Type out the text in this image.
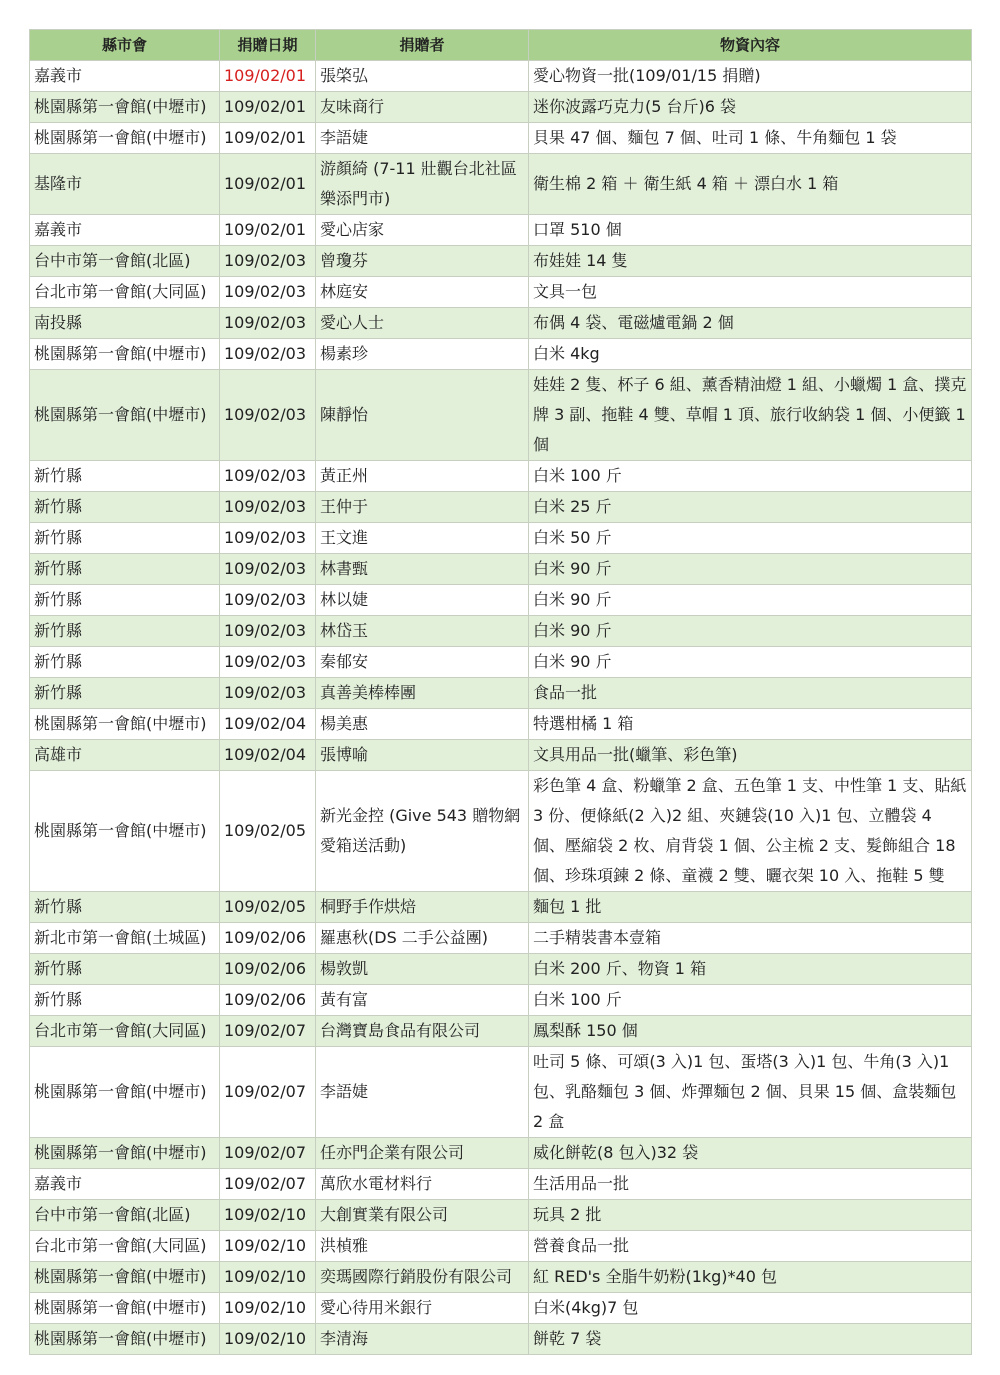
縣市會	捐贈日期	捐贈者	物資內容
嘉義市	109/02/01	張棨弘	愛心物資一批(109/01/15 捐贈)
桃園縣第一會館(中壢市)	109/02/01	友味商行	迷你波露巧克力(5 台斤)6 袋
桃園縣第一會館(中壢市)	109/02/01	李語婕	貝果 47 個、麵包 7 個、吐司 1 條、牛角麵包 1 袋
基隆市	109/02/01	游顏綺 (7-11 壯觀台北社區 樂添門市)	衛生棉 2 箱 ＋ 衛生紙 4 箱 ＋ 漂白水 1 箱
嘉義市	109/02/01	愛心店家	口罩 510 個
台中市第一會館(北區)	109/02/03	曾瓊芬	布娃娃 14 隻
台北市第一會館(大同區)	109/02/03	林庭安	文具一包
南投縣	109/02/03	愛心人士	布偶 4 袋、電磁爐電鍋 2 個
桃園縣第一會館(中壢市)	109/02/03	楊素珍	白米 4kg
桃園縣第一會館(中壢市)	109/02/03	陳靜怡	娃娃 2 隻、杯子 6 組、薰香精油燈 1 組、小蠟燭 1 盒、撲克牌 3 副、拖鞋 4 雙、草帽 1 頂、旅行收納袋 1 個、小便籤 1 個
新竹縣	109/02/03	黃正州	白米 100 斤
新竹縣	109/02/03	王仲于	白米 25 斤
新竹縣	109/02/03	王文進	白米 50 斤
新竹縣	109/02/03	林書甄	白米 90 斤
新竹縣	109/02/03	林以婕	白米 90 斤
新竹縣	109/02/03	林岱玉	白米 90 斤
新竹縣	109/02/03	秦郁安	白米 90 斤
新竹縣	109/02/03	真善美棒棒團	食品一批
桃園縣第一會館(中壢市)	109/02/04	楊美惠	特選柑橘 1 箱
高雄市	109/02/04	張博喻	文具用品一批(蠟筆、彩色筆)
桃園縣第一會館(中壢市)	109/02/05	新光金控 (Give 543 贈物網愛箱送活動)	彩色筆 4 盒、粉蠟筆 2 盒、五色筆 1 支、中性筆 1 支、貼紙 3 份、便條紙(2 入)2 組、夾鏈袋(10 入)1 包、立體袋 4 個、壓縮袋 2 枚、肩背袋 1 個、公主梳 2 支、髮飾組合 18 個、珍珠項鍊 2 條、童襪 2 雙、曬衣架 10 入、拖鞋 5 雙
新竹縣	109/02/05	桐野手作烘焙	麵包 1 批
新北市第一會館(土城區)	109/02/06	羅惠秋(DS 二手公益團)	二手精裝書本壹箱
新竹縣	109/02/06	楊敦凱	白米 200 斤、物資 1 箱
新竹縣	109/02/06	黃有富	白米 100 斤
台北市第一會館(大同區)	109/02/07	台灣寶島食品有限公司	鳳梨酥 150 個
桃園縣第一會館(中壢市)	109/02/07	李語婕	吐司 5 條、可頌(3 入)1 包、蛋塔(3 入)1 包、牛角(3 入)1 包、乳酪麵包 3 個、炸彈麵包 2 個、貝果 15 個、盒裝麵包 2 盒
桃園縣第一會館(中壢市)	109/02/07	任亦門企業有限公司	威化餅乾(8 包入)32 袋
嘉義市	109/02/07	萬欣水電材料行	生活用品一批
台中市第一會館(北區)	109/02/10	大創實業有限公司	玩具 2 批
台北市第一會館(大同區)	109/02/10	洪楨雅	營養食品一批
桃園縣第一會館(中壢市)	109/02/10	奕瑪國際行銷股份有限公司	紅 RED's 全脂牛奶粉(1kg)*40 包
桃園縣第一會館(中壢市)	109/02/10	愛心待用米銀行	白米(4kg)7 包
桃園縣第一會館(中壢市)	109/02/10	李清海	餅乾 7 袋
